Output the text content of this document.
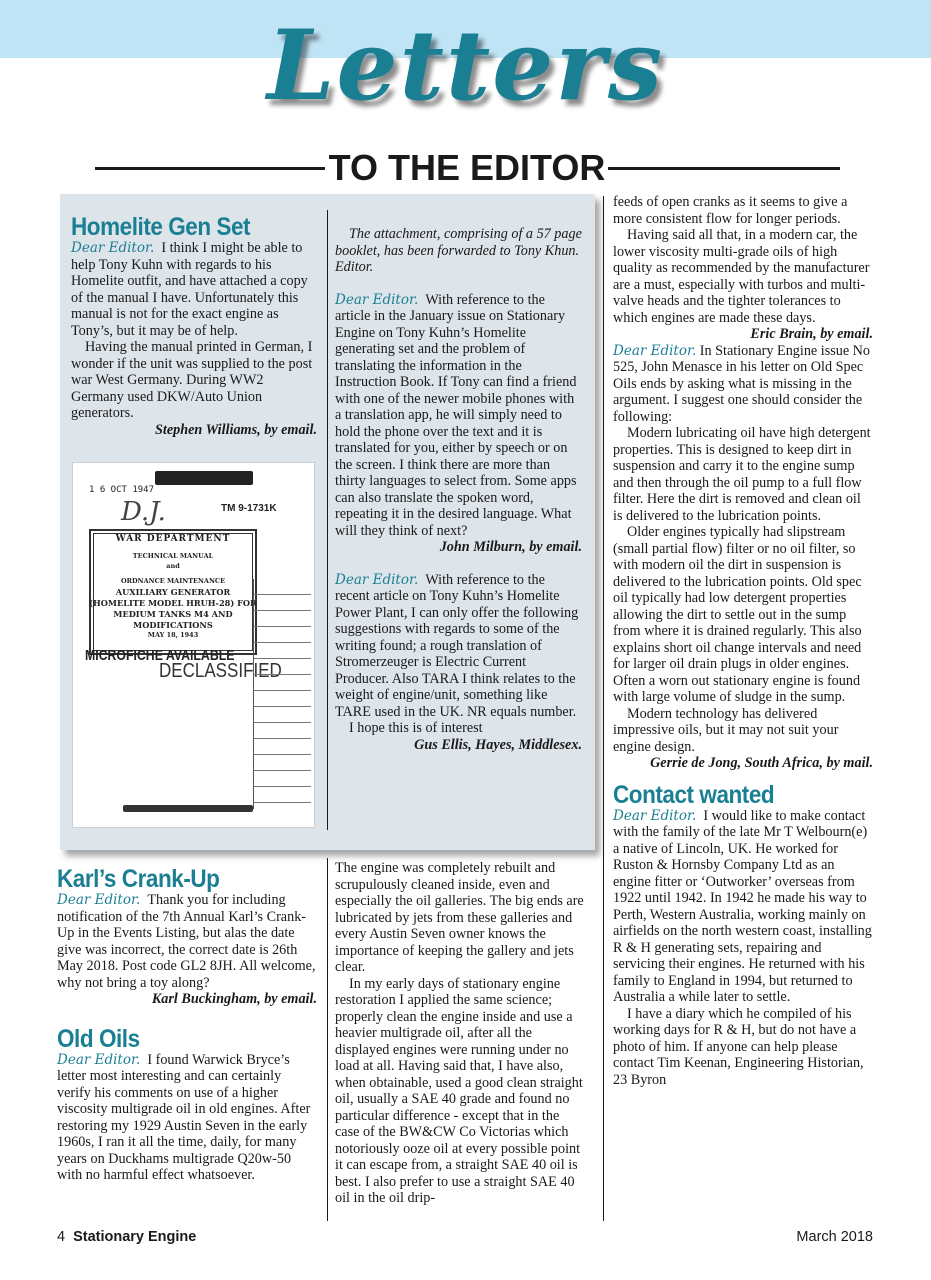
Letters
TO THE EDITOR
Homelite Gen Set

Dear Editor. I think I might be able to help Tony Kuhn with regards to his Homelite outfit, and have attached a copy of the manual I have. Unfortunately this manual is not for the exact engine as Tony’s, but it may be of help.

Having the manual printed in German, I wonder if the unit was supplied to the post war West Germany. During WW2 Germany used DKW/Auto Union generators.

Stephen Williams, by email.

1 6 OCT 1947
D.J.	TM 9-1731K
WAR DEPARTMENT
TECHNICAL MANUAL
and
ORDNANCE MAINTENANCE
AUXILIARY GENERATOR (HOMELITE MODEL HRUH-28) FOR MEDIUM TANKS M4 AND MODIFICATIONS
MAY 18, 1943
MICROFICHE AVAILABLE
DECLASSIFIED

The attachment, comprising of a 57 page booklet, has been forwarded to Tony Khun. Editor.

Dear Editor. With reference to the article in the January issue on Stationary Engine on Tony Kuhn’s Homelite generating set and the problem of translating the information in the Instruction Book. If Tony can find a friend with one of the newer mobile phones with a translation app, he will simply need to hold the phone over the text and it is translated for you, either by speech or on the screen. I think there are more than thirty languages to select from. Some apps can also translate the spoken word, repeating it in the desired language. What will they think of next?

John Milburn, by email.

Dear Editor. With reference to the recent article on Tony Kuhn’s Homelite Power Plant, I can only offer the following suggestions with regards to some of the writing found; a rough translation of Stromerzeuger is Electric Current Producer. Also TARA I think relates to the weight of engine/unit, something like TARE used in the UK. NR equals number.

I hope this is of interest

Gus Ellis, Hayes, Middlesex.

feeds of open cranks as it seems to give a more consistent flow for longer periods.

Having said all that, in a modern car, the lower viscosity multi-grade oils of high quality as recommended by the manufacturer are a must, especially with turbos and multi-valve heads and the tighter tolerances to which engines are made these days.

Eric Brain, by email.

Dear Editor. In Stationary Engine issue No 525, John Menasce in his letter on Old Spec Oils ends by asking what is missing in the argument. I suggest one should consider the following:

Modern lubricating oil have high detergent properties. This is designed to keep dirt in suspension and carry it to the engine sump and then through the oil pump to a full flow filter. Here the dirt is removed and clean oil is delivered to the lubrication points.

Older engines typically had slipstream (small partial flow) filter or no oil filter, so with modern oil the dirt in suspension is delivered to the lubrication points. Old spec oil typically had low detergent properties allowing the dirt to settle out in the sump from where it is drained regularly. This also explains short oil change intervals and need for larger oil drain plugs in older engines. Often a worn out stationary engine is found with large volume of sludge in the sump.

Modern technology has delivered impressive oils, but it may not suit your engine design.

Gerrie de Jong, South Africa, by mail.

Contact wanted

Dear Editor. I would like to make contact with the family of the late Mr T Welbourn(e) a native of Lincoln, UK. He worked for Ruston & Hornsby Company Ltd as an engine fitter or ‘Outworker’ overseas from 1922 until 1942. In 1942 he made his way to Perth, Western Australia, working mainly on airfields on the north western coast, installing R & H generating sets, repairing and servicing their engines. He returned with his family to England in 1994, but returned to Australia a while later to settle.

I have a diary which he compiled of his working days for R & H, but do not have a photo of him. If anyone can help please contact Tim Keenan, Engineering Historian, 23 Byron

Karl’s Crank-Up

Dear Editor. Thank you for including notification of the 7th Annual Karl’s Crank-Up in the Events Listing, but alas the date give was incorrect, the correct date is 26th May 2018. Post code GL2 8JH. All welcome, why not bring a toy along?

Karl Buckingham, by email.

Old Oils

Dear Editor. I found Warwick Bryce’s letter most interesting and can certainly verify his comments on use of a higher viscosity multigrade oil in old engines. After restoring my 1929 Austin Seven in the early 1960s, I ran it all the time, daily, for many years on Duckhams multigrade Q20w-50 with no harmful effect whatsoever.

The engine was completely rebuilt and scrupulously cleaned inside, even and especially the oil galleries. The big ends are lubricated by jets from these galleries and every Austin Seven owner knows the importance of keeping the gallery and jets clear.

In my early days of stationary engine restoration I applied the same science; properly clean the engine inside and use a heavier multigrade oil, after all the displayed engines were running under no load at all. Having said that, I have also, when obtainable, used a good clean straight oil, usually a SAE 40 grade and found no particular difference - except that in the case of the BW&CW Co Victorias which notoriously ooze oil at every possible point it can escape from, a straight SAE 40 oil is best. I also prefer to use a straight SAE 40 oil in the oil drip-

4 Stationary Engine	March 2018
